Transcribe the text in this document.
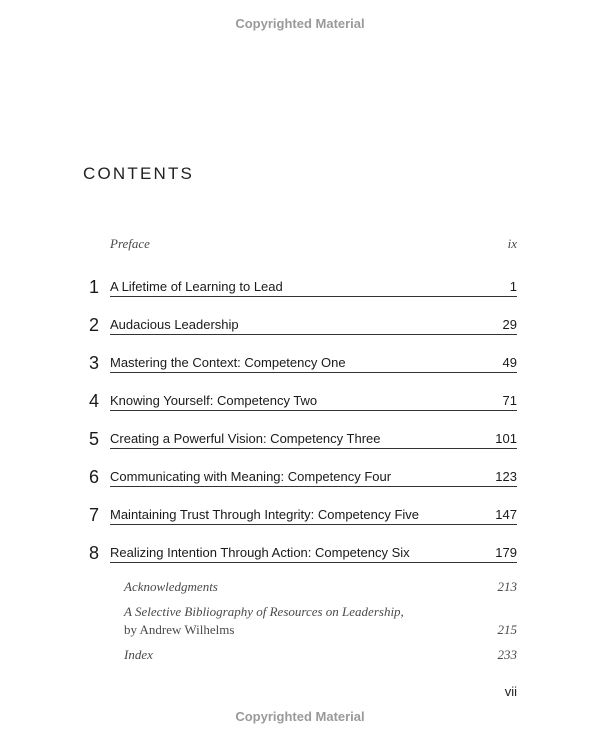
Copyrighted Material
CONTENTS
Preface	ix
1 A Lifetime of Learning to Lead	1
2 Audacious Leadership	29
3 Mastering the Context: Competency One	49
4 Knowing Yourself: Competency Two	71
5 Creating a Powerful Vision: Competency Three	101
6 Communicating with Meaning: Competency Four	123
7 Maintaining Trust Through Integrity: Competency Five	147
8 Realizing Intention Through Action: Competency Six	179
Acknowledgments	213
A Selective Bibliography of Resources on Leadership,
by Andrew Wilhelms	215
Index	233
vii
Copyrighted Material
